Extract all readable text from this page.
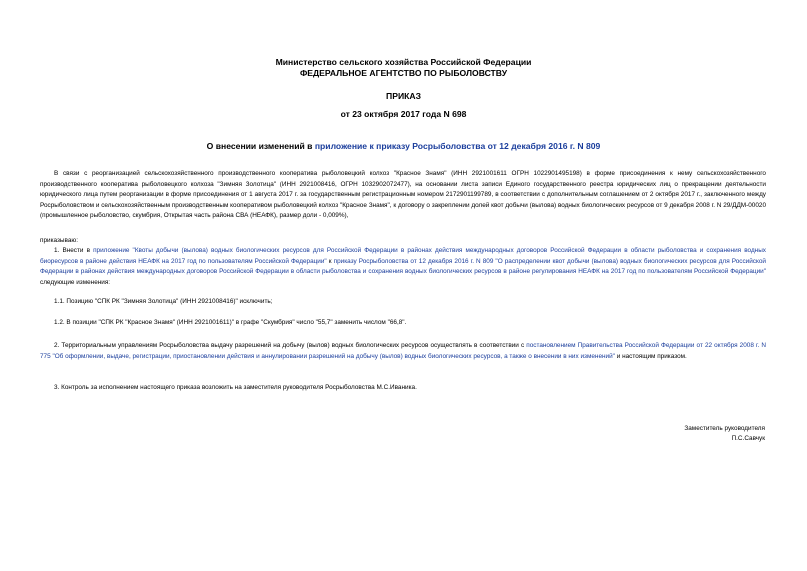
Министерство сельского хозяйства Российской Федерации
ФЕДЕРАЛЬНОЕ АГЕНТСТВО ПО РЫБОЛОВСТВУ
ПРИКАЗ
от 23 октября 2017 года N 698
О внесении изменений в приложение к приказу Росрыболовства от 12 декабря 2016 г. N 809
В связи с реорганизацией сельскохозяйственного производственного кооператива рыболовецкий колхоз "Красное Знамя" (ИНН 2921001611 ОГРН 1022901495198) в форме присоединения к нему сельскохозяйственного производственного кооператива рыболовецкого колхоза "Зимняя Золотица" (ИНН 2921008416, ОГРН 1032902072477), на основании листа записи Единого государственного реестра юридических лиц о прекращении деятельности юридического лица путем реорганизации в форме присоединения от 1 августа 2017 г. за государственным регистрационным номером 2172901199789, в соответствии с дополнительным соглашением от 2 октября 2017 г., заключенного между Росрыболовством и сельскохозяйственным производственным кооперативом рыболовецкий колхоз "Красное Знамя", к договору о закреплении долей квот добычи (вылова) водных биологических ресурсов от 9 декабря 2008 г. N 29/ДДМ-00020 (промышленное рыболовство, скумбрия, Открытая часть района СВА (НЕАФК), размер доли - 0,009%),
приказываю:
1. Внести в приложение "Квоты добычи (вылова) водных биологических ресурсов для Российской Федерации в районах действия международных договоров Российской Федерации в области рыболовства и сохранения водных биоресурсов в районе действия НЕАФК на 2017 год по пользователям Российской Федерации" к приказу Росрыболовства от 12 декабря 2016 г. N 809 "О распределении квот добычи (вылова) водных биологических ресурсов для Российской Федерации в районах действия международных договоров Российской Федерации в области рыболовства и сохранения водных биологических ресурсов в районе регулирования НЕАФК на 2017 год по пользователям Российской Федерации" следующие изменения:
1.1. Позицию "СПК РК "Зимняя Золотица" (ИНН 2921008416)" исключить;
1.2. В позиции "СПК РК "Красное Знамя" (ИНН 2921001611)" в графе "Скумбрия" число "55,7" заменить числом "66,8".
2. Территориальным управлениям Росрыболовства выдачу разрешений на добычу (вылов) водных биологических ресурсов осуществлять в соответствии с постановлением Правительства Российской Федерации от 22 октября 2008 г. N 775 "Об оформлении, выдаче, регистрации, приостановлении действия и аннулировании разрешений на добычу (вылов) водных биологических ресурсов, а также о внесении в них изменений" и настоящим приказом.
3. Контроль за исполнением настоящего приказа возложить на заместителя руководителя Росрыболовства М.С.Иваника.
Заместитель руководителя
П.С.Савчук
